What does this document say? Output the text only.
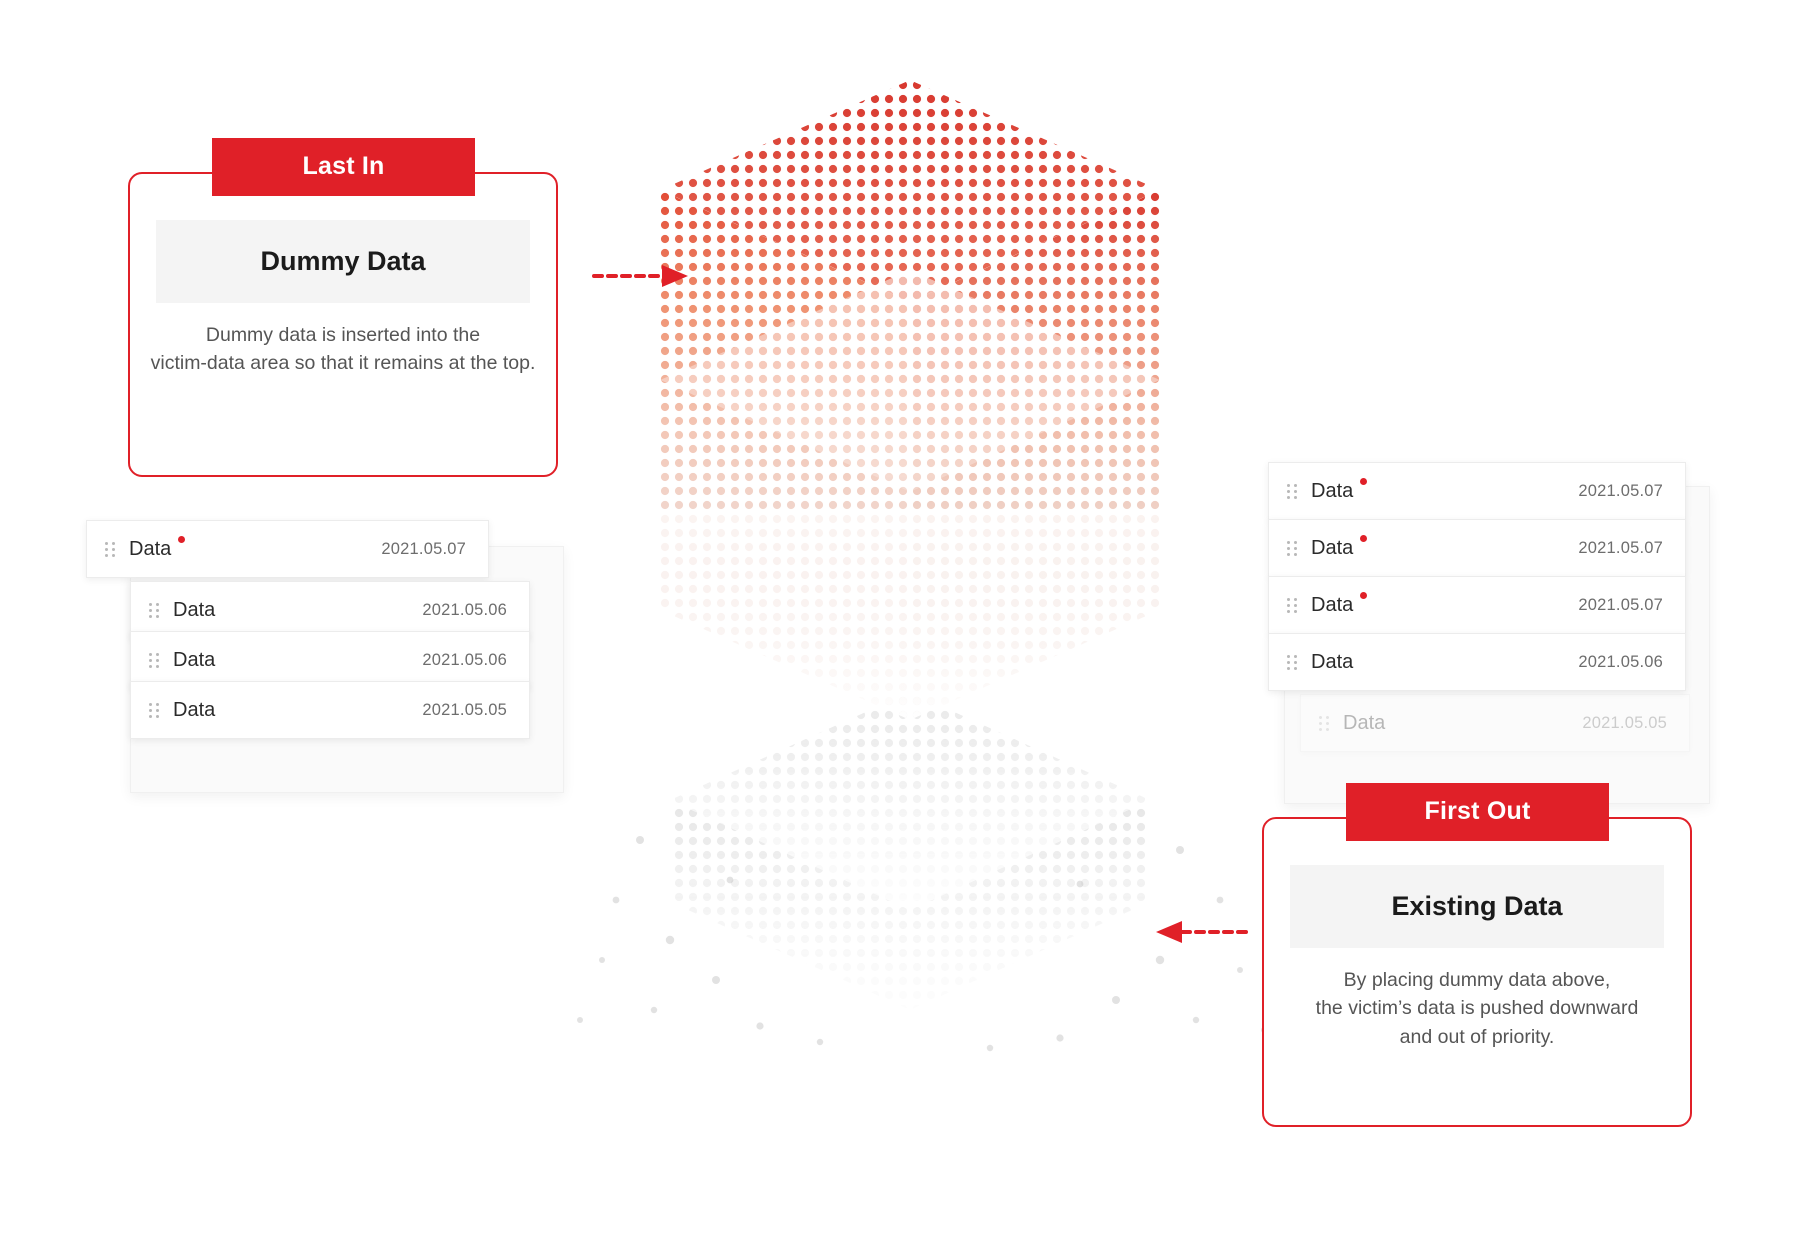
Data	2021.05.07
Data	2021.05.06
Data	2021.05.06
Data	2021.05.05
Data	2021.05.05
Data	2021.05.07
Data	2021.05.07
Data	2021.05.07
Data	2021.05.06
Last In
Dummy Data
Dummy data is inserted into the
victim-data area so that it remains at the top.
First Out
Existing Data
By placing dummy data above,
the victim’s data is pushed downward
and out of priority.
